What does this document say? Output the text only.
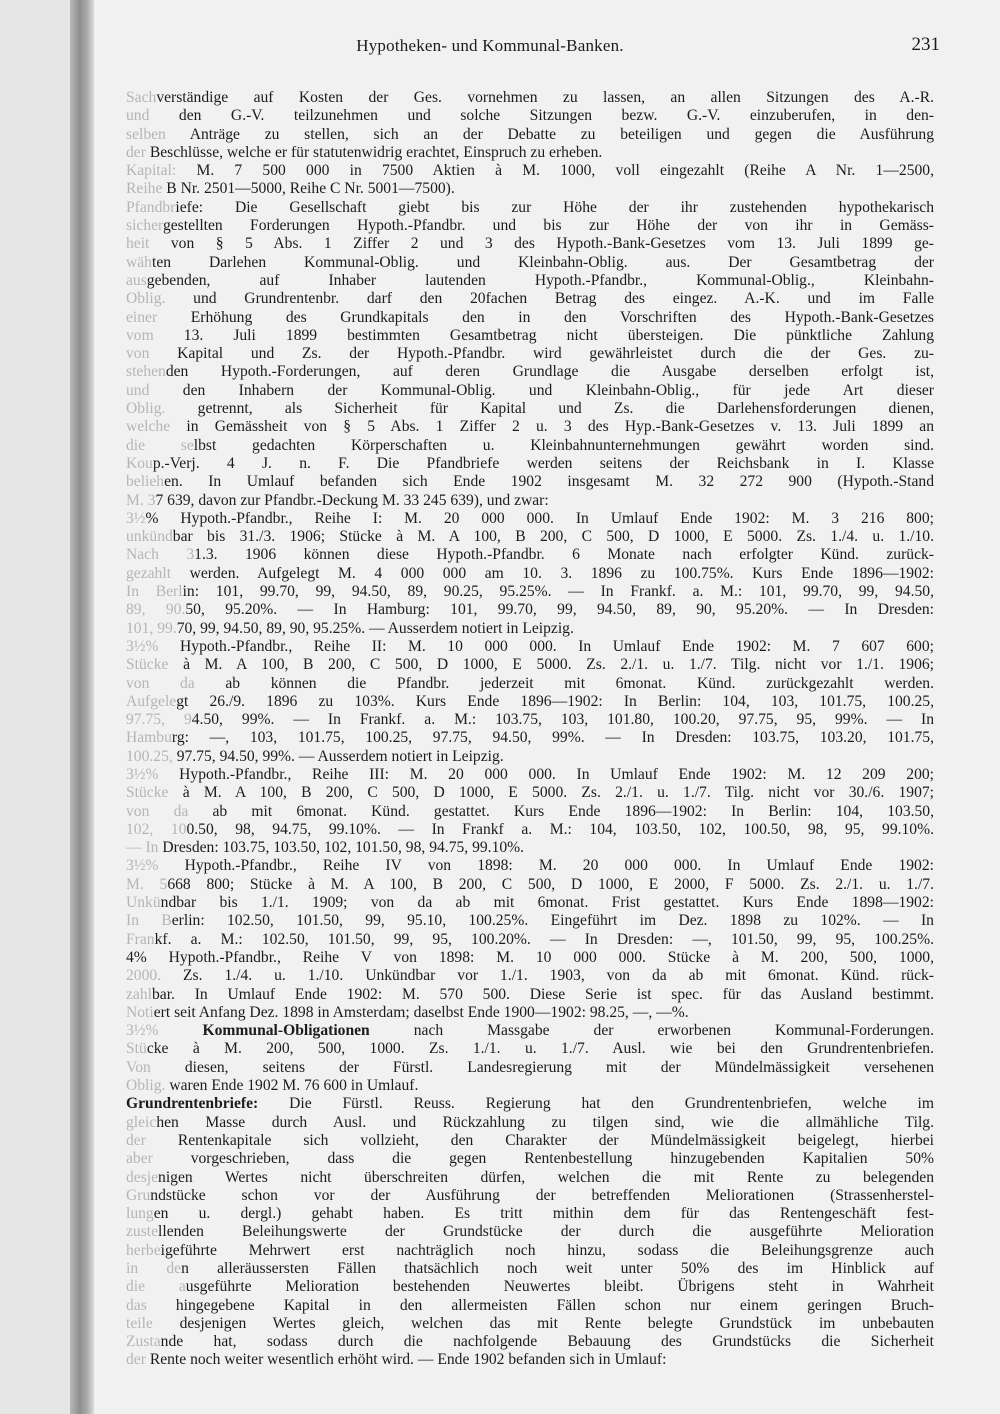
Hypotheken- und Kommunal-Banken.	231
Sachverständige auf Kosten der Ges. vornehmen zu lassen, an allen Sitzungen des A.-R.
und den G.-V. teilzunehmen und solche Sitzungen bezw. G.-V. einzuberufen, in den-
selben Anträge zu stellen, sich an der Debatte zu beteiligen und gegen die Ausführung
der Beschlüsse, welche er für statutenwidrig erachtet, Einspruch zu erheben.
Kapital: M. 7 500 000 in 7500 Aktien à M. 1000, voll eingezahlt (Reihe A Nr. 1—2500,
Reihe B Nr. 2501—5000, Reihe C Nr. 5001—7500).
Pfandbriefe: Die Gesellschaft giebt bis zur Höhe der ihr zustehenden hypothekarisch
sichergestellten Forderungen Hypoth.-Pfandbr. und bis zur Höhe der von ihr in Gemäss-
heit von § 5 Abs. 1 Ziffer 2 und 3 des Hypoth.-Bank-Gesetzes vom 13. Juli 1899 ge-
wähten Darlehen Kommunal-Oblig. und Kleinbahn-Oblig. aus. Der Gesamtbetrag der
ausgebenden, auf Inhaber lautenden Hypoth.-Pfandbr., Kommunal-Oblig., Kleinbahn-
Oblig. und Grundrentenbr. darf den 20fachen Betrag des eingez. A.-K. und im Falle
einer Erhöhung des Grundkapitals den in den Vorschriften des Hypoth.-Bank-Gesetzes
vom 13. Juli 1899 bestimmten Gesamtbetrag nicht übersteigen. Die pünktliche Zahlung
von Kapital und Zs. der Hypoth.-Pfandbr. wird gewährleistet durch die der Ges. zu-
stehenden Hypoth.-Forderungen, auf deren Grundlage die Ausgabe derselben erfolgt ist,
und den Inhabern der Kommunal-Oblig. und Kleinbahn-Oblig., für jede Art dieser
Oblig. getrennt, als Sicherheit für Kapital und Zs. die Darlehensforderungen dienen,
welche in Gemässheit von § 5 Abs. 1 Ziffer 2 u. 3 des Hyp.-Bank-Gesetzes v. 13. Juli 1899 an
die selbst gedachten Körperschaften u. Kleinbahnunternehmungen gewährt worden sind.
Koup.-Verj. 4 J. n. F. Die Pfandbriefe werden seitens der Reichsbank in I. Klasse
beliehen. In Umlauf befanden sich Ende 1902 insgesamt M. 32 272 900 (Hypoth.-Stand
M. 37 639, davon zur Pfandbr.-Deckung M. 33 245 639), und zwar:
3½% Hypoth.-Pfandbr., Reihe I: M. 20 000 000. In Umlauf Ende 1902: M. 3 216 800;
unkündbar bis 31./3. 1906; Stücke à M. A 100, B 200, C 500, D 1000, E 5000. Zs. 1./4. u. 1./10.
Nach 31.3. 1906 können diese Hypoth.-Pfandbr. 6 Monate nach erfolgter Künd. zurück-
gezahlt werden. Aufgelegt M. 4 000 000 am 10. 3. 1896 zu 100.75%. Kurs Ende 1896—1902:
In Berlin: 101, 99.70, 99, 94.50, 89, 90.25, 95.25%. — In Frankf. a. M.: 101, 99.70, 99, 94.50,
89, 90.50, 95.20%. — In Hamburg: 101, 99.70, 99, 94.50, 89, 90, 95.20%. — In Dresden:
101, 99.70, 99, 94.50, 89, 90, 95.25%. — Ausserdem notiert in Leipzig.
3½% Hypoth.-Pfandbr., Reihe II: M. 10 000 000. In Umlauf Ende 1902: M. 7 607 600;
Stücke à M. A 100, B 200, C 500, D 1000, E 5000. Zs. 2./1. u. 1./7. Tilg. nicht vor 1./1. 1906;
von da ab können die Pfandbr. jederzeit mit 6monat. Künd. zurückgezahlt werden.
Aufgelegt 26./9. 1896 zu 103%. Kurs Ende 1896—1902: In Berlin: 104, 103, 101.75, 100.25,
97.75, 94.50, 99%. — In Frankf. a. M.: 103.75, 103, 101.80, 100.20, 97.75, 95, 99%. — In
Hamburg: —, 103, 101.75, 100.25, 97.75, 94.50, 99%. — In Dresden: 103.75, 103.20, 101.75,
100.25, 97.75, 94.50, 99%. — Ausserdem notiert in Leipzig.
3½% Hypoth.-Pfandbr., Reihe III: M. 20 000 000. In Umlauf Ende 1902: M. 12 209 200;
Stücke à M. A 100, B 200, C 500, D 1000, E 5000. Zs. 2./1. u. 1./7. Tilg. nicht vor 30./6. 1907;
von da ab mit 6monat. Künd. gestattet. Kurs Ende 1896—1902: In Berlin: 104, 103.50,
102, 100.50, 98, 94.75, 99.10%. — In Frankf a. M.: 104, 103.50, 102, 100.50, 98, 95, 99.10%.
— In Dresden: 103.75, 103.50, 102, 101.50, 98, 94.75, 99.10%.
3½% Hypoth.-Pfandbr., Reihe IV von 1898: M. 20 000 000. In Umlauf Ende 1902:
M. 5668 800; Stücke à M. A 100, B 200, C 500, D 1000, E 2000, F 5000. Zs. 2./1. u. 1./7.
Unkündbar bis 1./1. 1909; von da ab mit 6monat. Frist gestattet. Kurs Ende 1898—1902:
In Berlin: 102.50, 101.50, 99, 95.10, 100.25%. Eingeführt im Dez. 1898 zu 102%. — In
Frankf. a. M.: 102.50, 101.50, 99, 95, 100.20%. — In Dresden: —, 101.50, 99, 95, 100.25%.
4% Hypoth.-Pfandbr., Reihe V von 1898: M. 10 000 000. Stücke à M. 200, 500, 1000,
2000. Zs. 1./4. u. 1./10. Unkündbar vor 1./1. 1903, von da ab mit 6monat. Künd. rück-
zahlbar. In Umlauf Ende 1902: M. 570 500. Diese Serie ist spec. für das Ausland bestimmt.
Notiert seit Anfang Dez. 1898 in Amsterdam; daselbst Ende 1900—1902: 98.25, —, —%.
3½% Kommunal-Obligationen nach Massgabe der erworbenen Kommunal-Forderungen.
Stücke à M. 200, 500, 1000. Zs. 1./1. u. 1./7. Ausl. wie bei den Grundrentenbriefen.
Von diesen, seitens der Fürstl. Landesregierung mit der Mündelmässigkeit versehenen
Oblig. waren Ende 1902 M. 76 600 in Umlauf.
Grundrentenbriefe: Die Fürstl. Reuss. Regierung hat den Grundrentenbriefen, welche im
gleichen Masse durch Ausl. und Rückzahlung zu tilgen sind, wie die allmähliche Tilg.
der Rentenkapitale sich vollzieht, den Charakter der Mündelmässigkeit beigelegt, hierbei
aber vorgeschrieben, dass die gegen Rentenbestellung hinzugebenden Kapitalien 50%
desjenigen Wertes nicht überschreiten dürfen, welchen die mit Rente zu belegenden
Grundstücke schon vor der Ausführung der betreffenden Meliorationen (Strassenherstel-
lungen u. dergl.) gehabt haben. Es tritt mithin dem für das Rentengeschäft fest-
zustellenden Beleihungswerte der Grundstücke der durch die ausgeführte Melioration
herbeigeführte Mehrwert erst nachträglich noch hinzu, sodass die Beleihungsgrenze auch
in den alleräussersten Fällen thatsächlich noch weit unter 50% des im Hinblick auf
die ausgeführte Melioration bestehenden Neuwertes bleibt. Übrigens steht in Wahrheit
das hingegebene Kapital in den allermeisten Fällen schon nur einem geringen Bruch-
teile desjenigen Wertes gleich, welchen das mit Rente belegte Grundstück im unbebauten
Zustande hat, sodass durch die nachfolgende Bebauung des Grundstücks die Sicherheit
der Rente noch weiter wesentlich erhöht wird. — Ende 1902 befanden sich in Umlauf:
